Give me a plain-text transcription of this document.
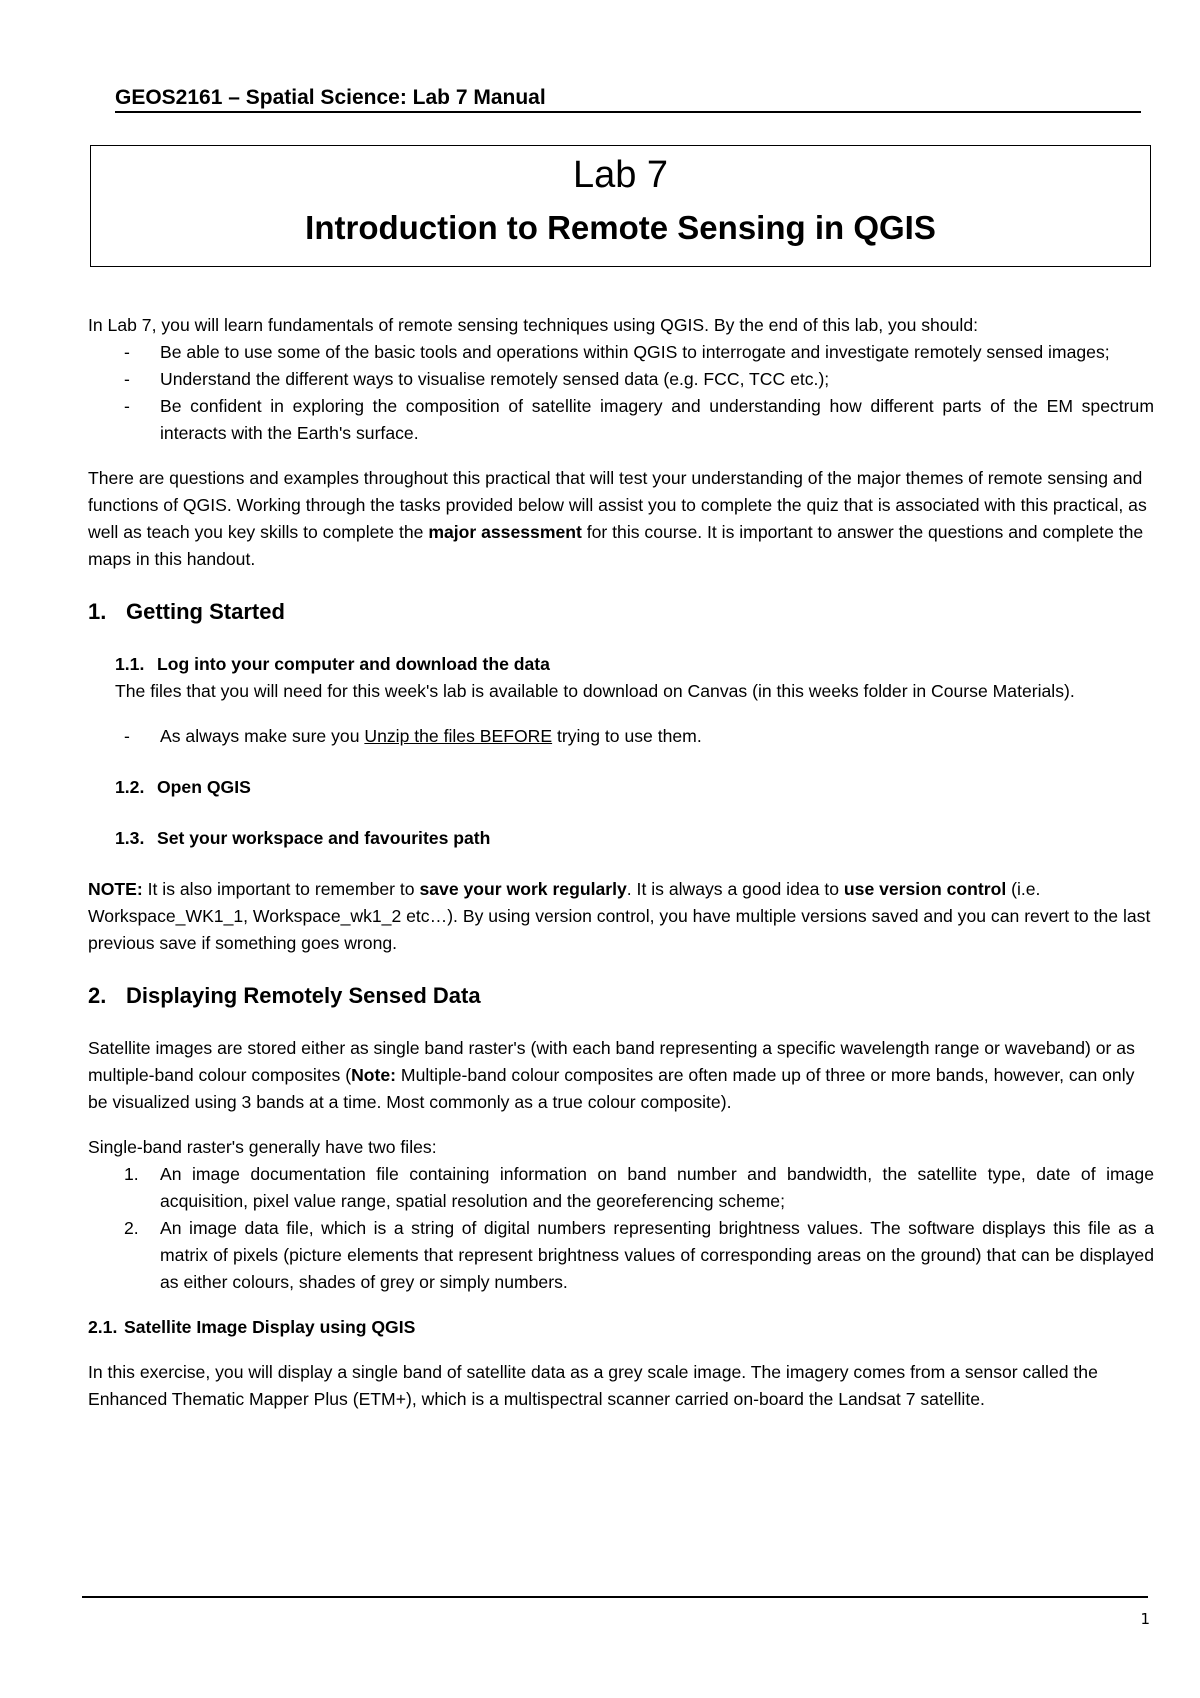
GEOS2161 – Spatial Science: Lab 7 Manual
Lab 7
Introduction to Remote Sensing in QGIS

In Lab 7, you will learn fundamentals of remote sensing techniques using QGIS. By the end of this lab, you should:

- Be able to use some of the basic tools and operations within QGIS to interrogate and investigate remotely sensed images;
- Understand the different ways to visualise remotely sensed data (e.g. FCC, TCC etc.);
- Be confident in exploring the composition of satellite imagery and understanding how different parts of the EM spectrum interacts with the Earth's surface.

There are questions and examples throughout this practical that will test your understanding of the major themes of remote sensing and functions of QGIS. Working through the tasks provided below will assist you to complete the quiz that is associated with this practical, as well as teach you key skills to complete the major assessment for this course. It is important to answer the questions and complete the maps in this handout.

1. Getting Started
1.1. Log into your computer and download the data

The files that you will need for this week's lab is available to download on Canvas (in this weeks folder in Course Materials).

- As always make sure you Unzip the files BEFORE trying to use them.
1.2. Open QGIS
1.3. Set your workspace and favourites path

NOTE: It is also important to remember to save your work regularly. It is always a good idea to use version control (i.e. Workspace_WK1_1, Workspace_wk1_2 etc…). By using version control, you have multiple versions saved and you can revert to the last previous save if something goes wrong.

2. Displaying Remotely Sensed Data

Satellite images are stored either as single band raster's (with each band representing a specific wavelength range or waveband) or as multiple-band colour composites (Note: Multiple-band colour composites are often made up of three or more bands, however, can only be visualized using 3 bands at a time. Most commonly as a true colour composite).

Single-band raster's generally have two files:

1. An image documentation file containing information on band number and bandwidth, the satellite type, date of image acquisition, pixel value range, spatial resolution and the georeferencing scheme;
2. An image data file, which is a string of digital numbers representing brightness values. The software displays this file as a matrix of pixels (picture elements that represent brightness values of corresponding areas on the ground) that can be displayed as either colours, shades of grey or simply numbers.
2.1. Satellite Image Display using QGIS

In this exercise, you will display a single band of satellite data as a grey scale image. The imagery comes from a sensor called the Enhanced Thematic Mapper Plus (ETM+), which is a multispectral scanner carried on-board the Landsat 7 satellite.

1
